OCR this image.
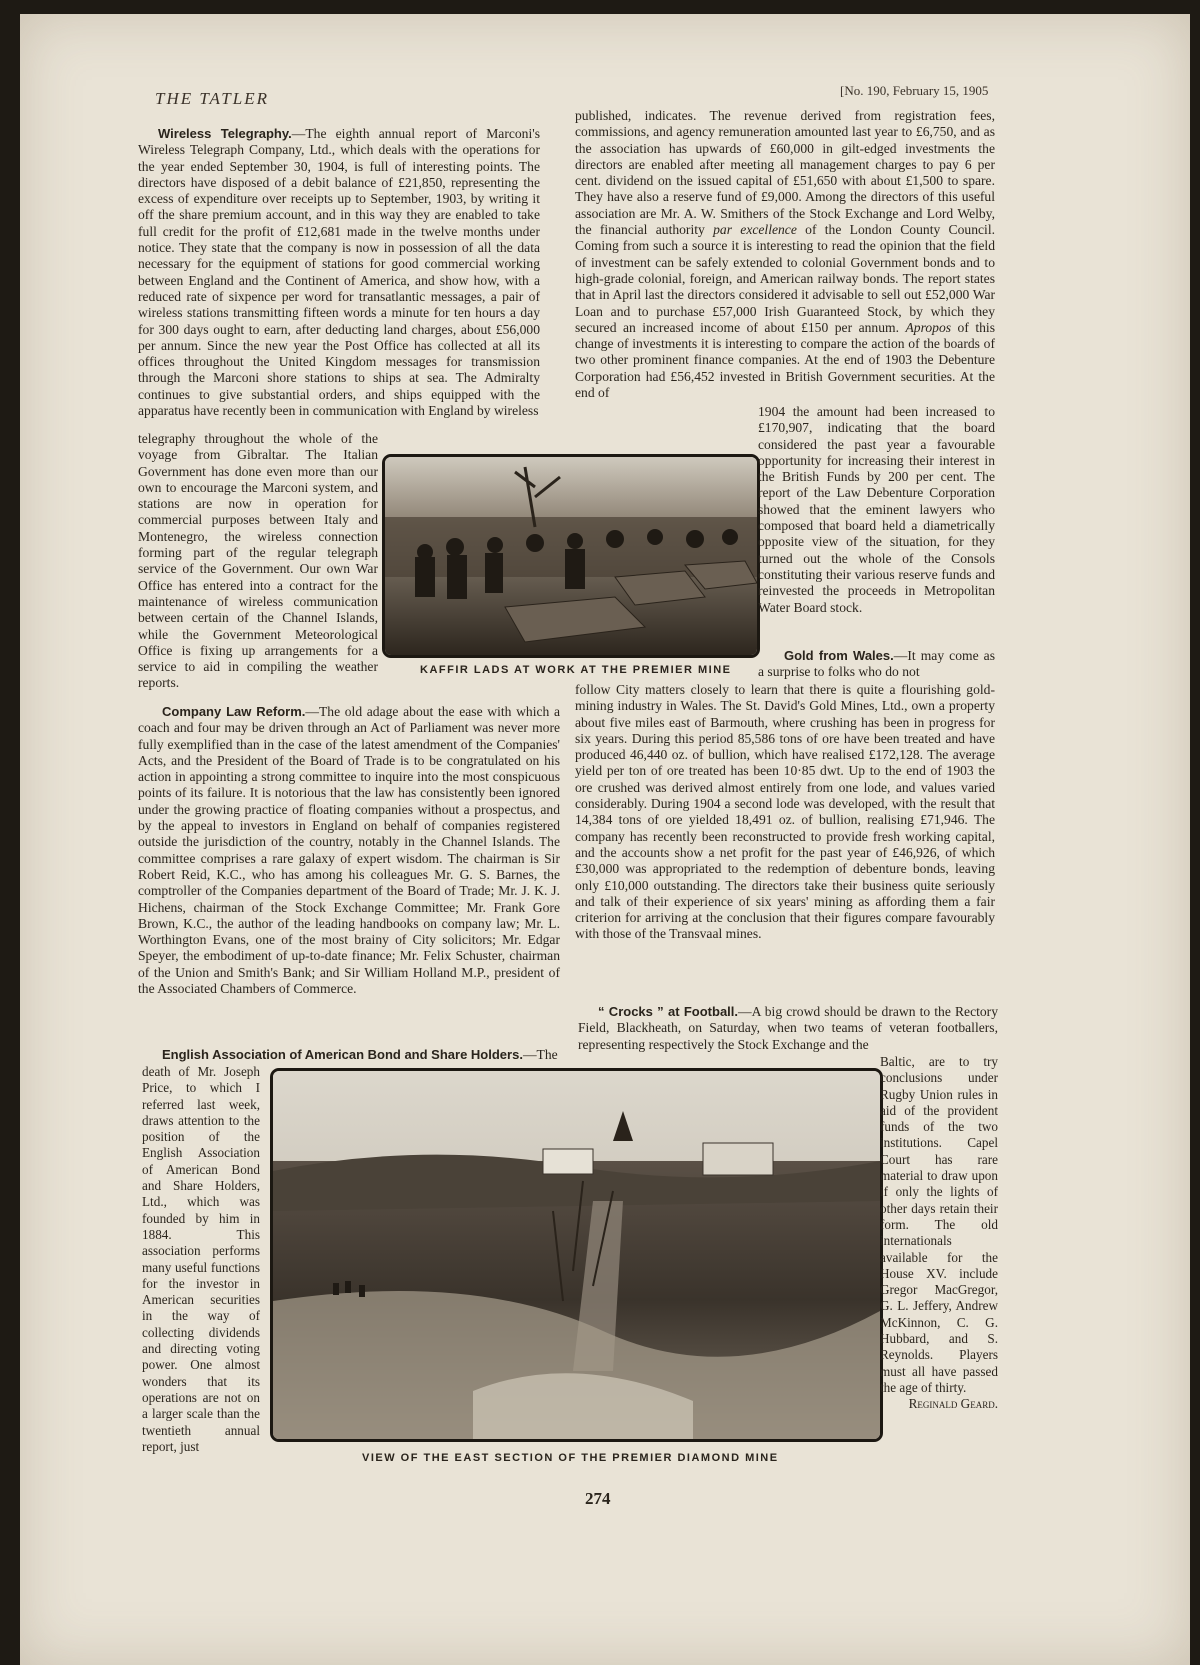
THE TATLER	[No. 190, February 15, 1905

Wireless Telegraphy.—The eighth annual report of Marconi's Wireless Telegraph Company, Ltd., which deals with the operations for the year ended September 30, 1904, is full of interesting points. The directors have disposed of a debit balance of £21,850, representing the excess of expenditure over receipts up to September, 1903, by writing it off the share premium account, and in this way they are enabled to take full credit for the profit of £12,681 made in the twelve months under notice. They state that the company is now in possession of all the data necessary for the equipment of stations for good commercial working between England and the Continent of America, and show how, with a reduced rate of sixpence per word for transatlantic messages, a pair of wireless stations transmitting fifteen words a minute for ten hours a day for 300 days ought to earn, after deducting land charges, about £56,000 per annum. Since the new year the Post Office has collected at all its offices throughout the United Kingdom messages for transmission through the Marconi shore stations to ships at sea. The Admiralty continues to give substantial orders, and ships equipped with the apparatus have recently been in communication with England by wireless

telegraphy throughout the whole of the voyage from Gibraltar. The Italian Government has done even more than our own to encourage the Marconi system, and stations are now in operation for commercial purposes between Italy and Montenegro, the wireless connection forming part of the regular telegraph service of the Government. Our own War Office has entered into a contract for the maintenance of wireless communication between certain of the Channel Islands, while the Government Meteorological Office is fixing up arrangements for a service to aid in compiling the weather reports.

KAFFIR LADS AT WORK AT THE PREMIER MINE

Company Law Reform.—The old adage about the ease with which a coach and four may be driven through an Act of Parliament was never more fully exemplified than in the case of the latest amendment of the Companies' Acts, and the President of the Board of Trade is to be congratulated on his action in appointing a strong committee to inquire into the most conspicuous points of its failure. It is notorious that the law has consistently been ignored under the growing practice of floating companies without a prospectus, and by the appeal to investors in England on behalf of companies registered outside the jurisdiction of the country, notably in the Channel Islands. The committee comprises a rare galaxy of expert wisdom. The chairman is Sir Robert Reid, K.C., who has among his colleagues Mr. G. S. Barnes, the comptroller of the Companies department of the Board of Trade; Mr. J. K. J. Hichens, chairman of the Stock Exchange Committee; Mr. Frank Gore Brown, K.C., the author of the leading handbooks on company law; Mr. L. Worthington Evans, one of the most brainy of City solicitors; Mr. Edgar Speyer, the embodiment of up-to-date finance; Mr. Felix Schuster, chairman of the Union and Smith's Bank; and Sir William Holland M.P., president of the Associated Chambers of Commerce.

English Association of American Bond and Share Holders.—The

death of Mr. Joseph Price, to which I referred last week, draws attention to the position of the English Association of American Bond and Share Holders, Ltd., which was founded by him in 1884. This association performs many useful functions for the investor in American securities in the way of collecting dividends and directing voting power. One almost wonders that its operations are not on a larger scale than the twentieth annual report, just

VIEW OF THE EAST SECTION OF THE PREMIER DIAMOND MINE

published, indicates. The revenue derived from registration fees, commissions, and agency remuneration amounted last year to £6,750, and as the association has upwards of £60,000 in gilt-edged investments the directors are enabled after meeting all management charges to pay 6 per cent. dividend on the issued capital of £51,650 with about £1,500 to spare. They have also a reserve fund of £9,000. Among the directors of this useful association are Mr. A. W. Smithers of the Stock Exchange and Lord Welby, the financial authority par excellence of the London County Council. Coming from such a source it is interesting to read the opinion that the field of investment can be safely extended to colonial Government bonds and to high-grade colonial, foreign, and American railway bonds. The report states that in April last the directors considered it advisable to sell out £52,000 War Loan and to purchase £57,000 Irish Guaranteed Stock, by which they secured an increased income of about £150 per annum. Apropos of this change of investments it is interesting to compare the action of the boards of two other prominent finance companies. At the end of 1903 the Debenture Corporation had £56,452 invested in British Government securities. At the end of

1904 the amount had been increased to £170,907, indicating that the board considered the past year a favourable opportunity for increasing their interest in the British Funds by 200 per cent. The report of the Law Debenture Corporation showed that the eminent lawyers who composed that board held a diametrically opposite view of the situation, for they turned out the whole of the Consols constituting their various reserve funds and reinvested the proceeds in Metropolitan Water Board stock.

Gold from Wales.—It may come as a surprise to folks who do not

follow City matters closely to learn that there is quite a flourishing gold-mining industry in Wales. The St. David's Gold Mines, Ltd., own a property about five miles east of Barmouth, where crushing has been in progress for six years. During this period 85,586 tons of ore have been treated and have produced 46,440 oz. of bullion, which have realised £172,128. The average yield per ton of ore treated has been 10·85 dwt. Up to the end of 1903 the ore crushed was derived almost entirely from one lode, and values varied considerably. During 1904 a second lode was developed, with the result that 14,384 tons of ore yielded 18,491 oz. of bullion, realising £71,946. The company has recently been reconstructed to provide fresh working capital, and the accounts show a net profit for the past year of £46,926, of which £30,000 was appropriated to the redemption of debenture bonds, leaving only £10,000 outstanding. The directors take their business quite seriously and talk of their experience of six years' mining as affording them a fair criterion for arriving at the conclusion that their figures compare favourably with those of the Transvaal mines.

“ Crocks ” at Football.—A big crowd should be drawn to the Rectory Field, Blackheath, on Saturday, when two teams of veteran footballers, representing respectively the Stock Exchange and the

Baltic, are to try conclusions under Rugby Union rules in aid of the provident funds of the two institutions. Capel Court has rare material to draw upon if only the lights of other days retain their form. The old internationals available for the House XV. include Gregor MacGregor, G. L. Jeffery, Andrew McKinnon, C. G. Hubbard, and S. Reynolds. Players must all have passed the age of thirty.

Reginald Geard.

274
